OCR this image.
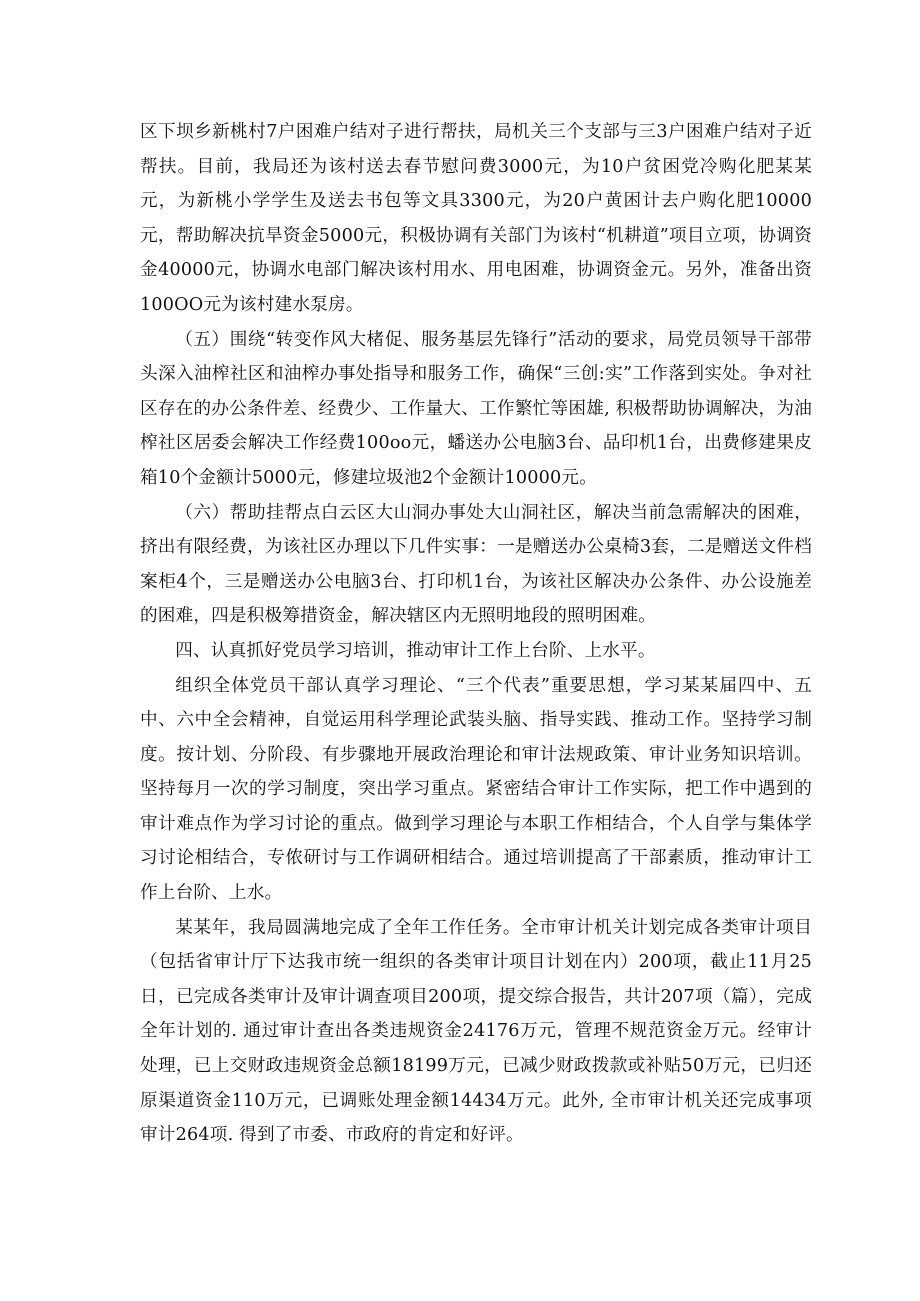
区下坝乡新桃村7户困难户结对子进行帮扶，局机关三个支部与三3户困难户结对子近帮扶。目前，我局还为该村送去春节慰问费3000元，为10户贫困党冷购化肥某某元，为新桃小学学生及送去书包等文具3300元，为20户黄困计去户购化肥10000元，帮助解决抗旱资金5000元，积极协调有关部门为该村“机耕道”项目立项，协调资金40000元，协调水电部门解决该村用水、用电困难，协调资金元。另外，准备出资100OO元为该村建水泵房。

（五）围绕“转变作风大楮促、服务基层先锋行”活动的要求，局党员领导干部带头深入油榨社区和油榨办事处指导和服务工作，确保“三创:实”工作落到实处。争对社区存在的办公条件差、经费少、工作量大、工作繁忙等困雄, 积极帮助协调解决，为油榨社区居委会解决工作经费100oo元，蟠送办公电脑3台、品印机1台，出费修建果皮箱10个金额计5000元，修建垃圾池2个金额计10000元。

（六）帮助挂帮点白云区大山洞办事处大山洞社区，解决当前急需解决的困难，挤出有限经费，为该社区办理以下几件实事：一是赠送办公桌椅3套，二是赠送文件档案柜4个，三是赠送办公电脑3台、打印机1台，为该社区解决办公条件、办公设施差的困难，四是积极筹措资金，解决辖区内无照明地段的照明困难。

四、认真抓好党员学习培训，推动审计工作上台阶、上水平。

组织全体党员干部认真学习理论、“三个代表”重要思想，学习某某届四中、五中、六中全会精神，自觉运用科学理论武装头脑、指导实践、推动工作。坚持学习制度。按计划、分阶段、有步骤地开展政治理论和审计法规政策、审计业务知识培训。坚持每月一次的学习制度，突出学习重点。紧密结合审计工作实际，把工作中遇到的审计难点作为学习讨论的重点。做到学习理论与本职工作相结合，个人自学与集体学习讨论相结合，专侬研讨与工作调研相结合。通过培训提高了干部素质，推动审计工作上台阶、上水。

某某年，我局圆满地完成了全年工作任务。全市审计机关计划完成各类审计项目（包括省审计厅下达我市统一组织的各类审计项目计划在内）200项，截止11月25日，已完成各类审计及审计调查项目200项，提交综合报告，共计207项（篇），完成全年计划的. 通过审计查出各类违规资金24176万元，管理不规范资金万元。经审计处理，已上交财政违规资金总额18199万元，已减少财政拨款或补贴50万元，已归还原渠道资金110万元，已调账处理金额14434万元。此外, 全市审计机关还完成事项审计264项. 得到了市委、市政府的肯定和好评。
